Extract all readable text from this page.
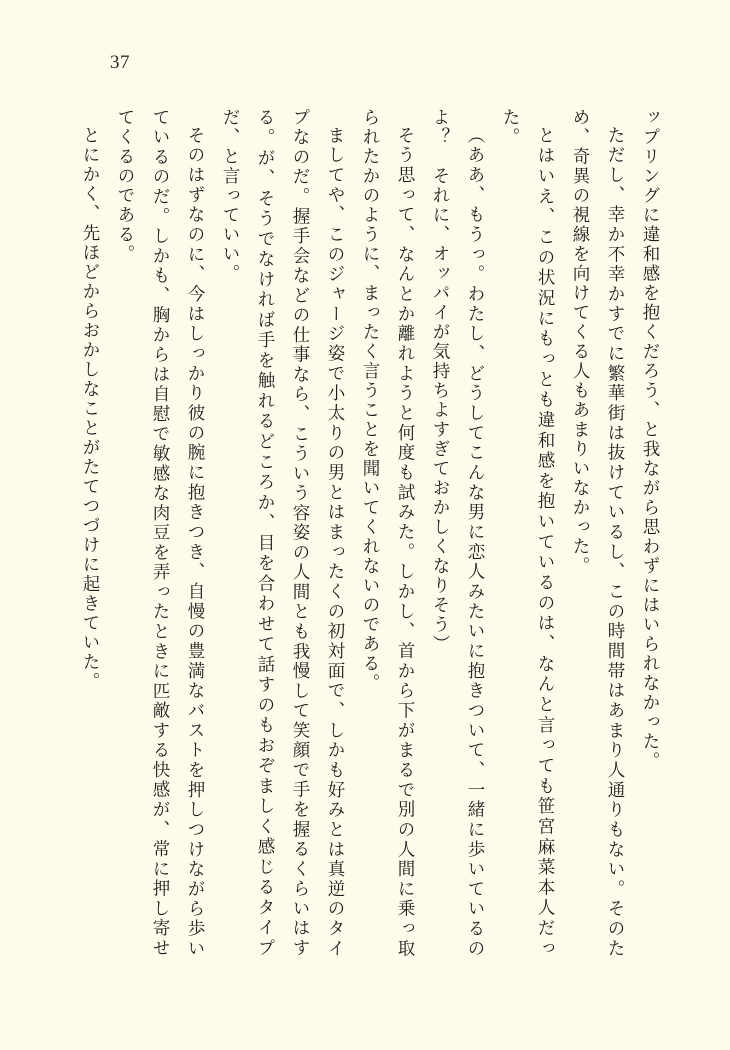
37

ップリングに違和感を抱くだろう、と我ながら思わずにはいられなかった。

ただし、幸か不幸かすでに繁華街は抜けているし、この時間帯はあまり人通りもない。そのため、奇異の視線を向けてくる人もあまりいなかった。

とはいえ、この状況にもっとも違和感を抱いているのは、なんと言っても笹宮麻菜本人だった。

（ああ、もうっ。わたし、どうしてこんな男に恋人みたいに抱きついて、一緒に歩いているのよ？　それに、オッパイが気持ちよすぎておかしくなりそう）

そう思って、なんとか離れようと何度も試みた。しかし、首から下がまるで別の人間に乗っ取られたかのように、まったく言うことを聞いてくれないのである。

ましてや、このジャージ姿で小太りの男とはまったくの初対面で、しかも好みとは真逆のタイプなのだ。握手会などの仕事なら、こういう容姿の人間とも我慢して笑顔で手を握るくらいはする。が、そうでなければ手を触れるどころか、目を合わせて話すのもおぞましく感じるタイプだ、と言っていい。

そのはずなのに、今はしっかり彼の腕に抱きつき、自慢の豊満なバストを押しつけながら歩いているのだ。しかも、胸からは自慰で敏感な肉豆を弄ったときに匹敵する快感が、常に押し寄せてくるのである。

とにかく、先ほどからおかしなことがたてつづけに起きていた。
